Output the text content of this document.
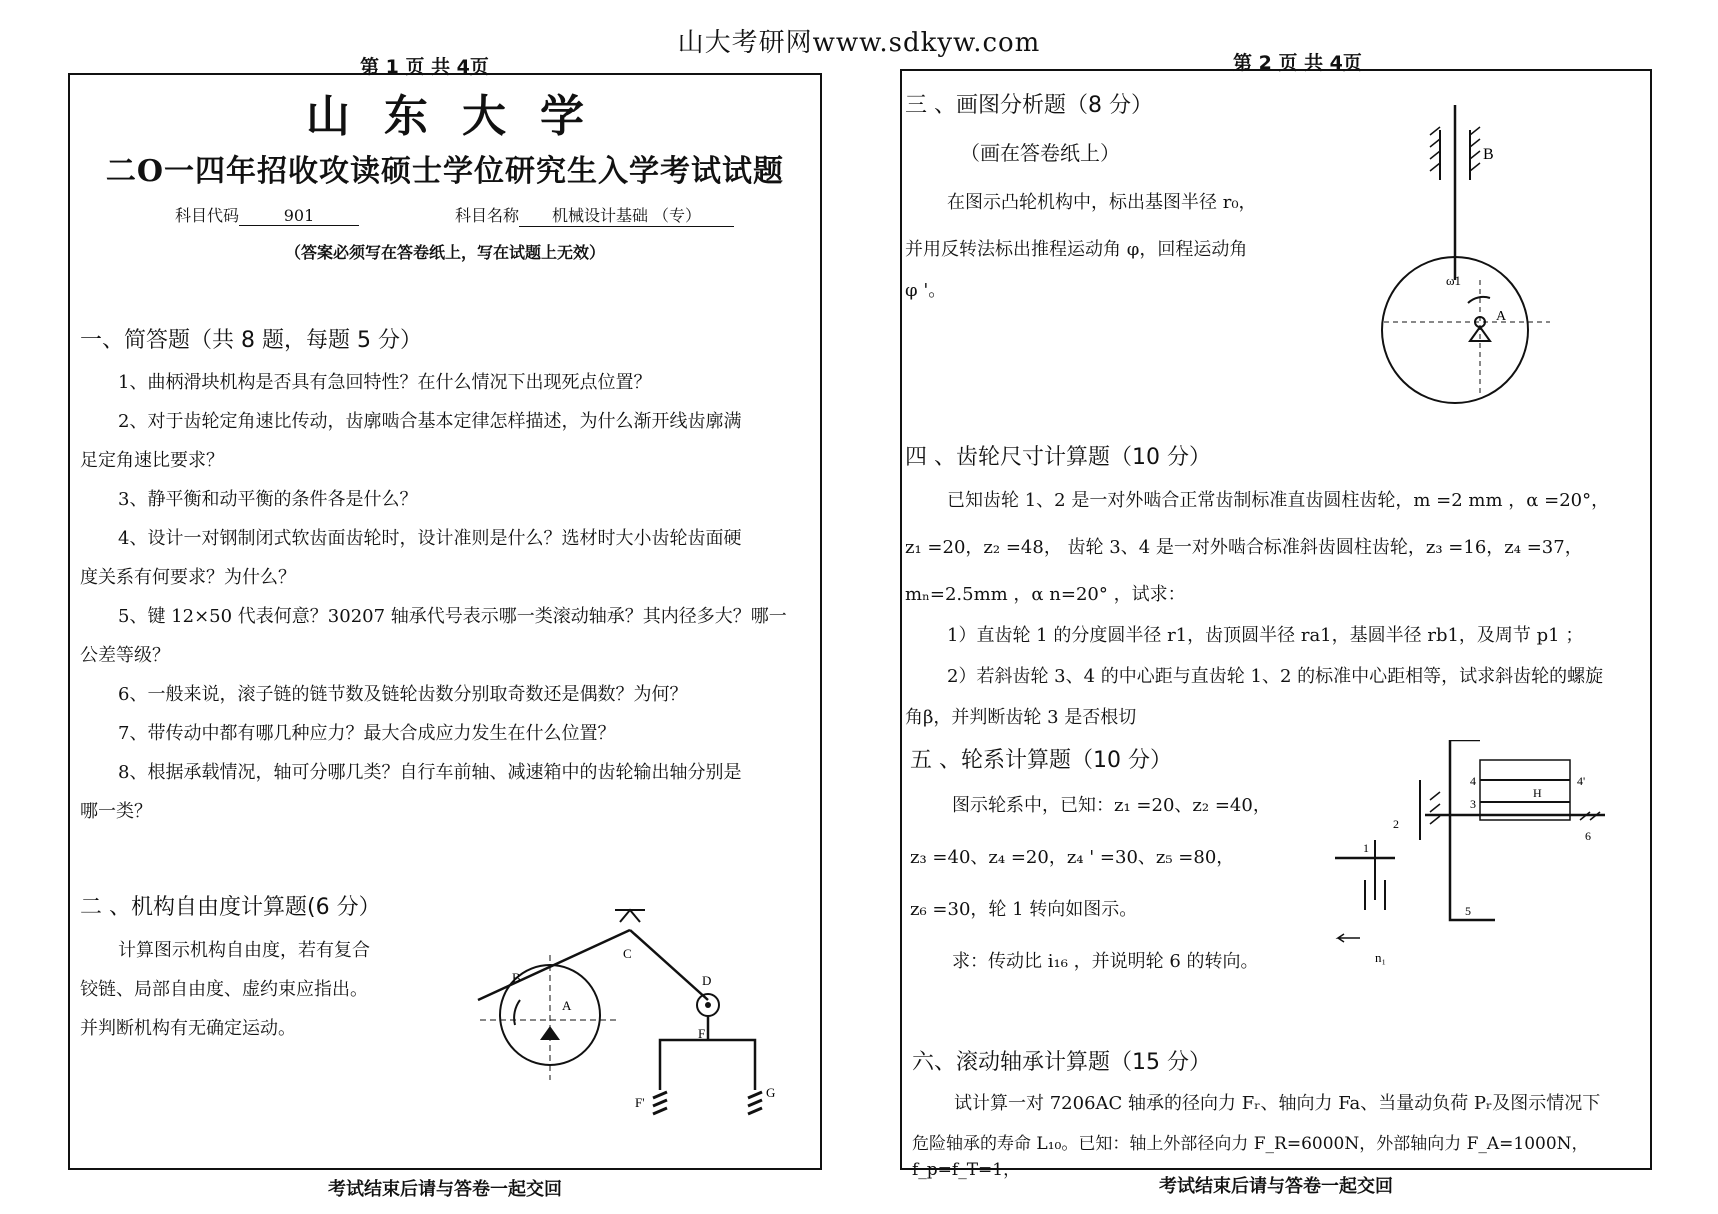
山大考研网www.sdkyw.com
第 1 页 共 4页
山东大学
二O一四年招收攻读硕士学位研究生入学考试试题
科目代码	901	科目名称 机械设计基础 （专）
（答案必须写在答卷纸上，写在试题上无效）
一、简答题（共 8 题，每题 5 分）
1、曲柄滑块机构是否具有急回特性？在什么情况下出现死点位置？
2、对于齿轮定角速比传动，齿廓啮合基本定律怎样描述，为什么渐开线齿廓满
足定角速比要求？
3、静平衡和动平衡的条件各是什么？
4、设计一对钢制闭式软齿面齿轮时，设计准则是什么？选材时大小齿轮齿面硬
度关系有何要求？为什么？
5、键 12×50 代表何意？30207 轴承代号表示哪一类滚动轴承？其内径多大？哪一
公差等级？
6、一般来说，滚子链的链节数及链轮齿数分别取奇数还是偶数？为何？
7、带传动中都有哪几种应力？最大合成应力发生在什么位置？
8、根据承载情况，轴可分哪几类？自行车前轴、减速箱中的齿轮输出轴分别是
哪一类？
二 、机构自由度计算题(6 分）
计算图示机构自由度，若有复合
铰链、局部自由度、虚约束应指出。
并判断机构有无确定运动。
B
A
C
D
F
F'
G
考试结束后请与答卷一起交回
第 2 页 共 4页
三 、画图分析题（8 分）
（画在答卷纸上）
在图示凸轮机构中，标出基图半径 r₀，
并用反转法标出推程运动角 φ，回程运动角
φ '。
B
ω1
A
四 、齿轮尺寸计算题（10 分）
已知齿轮 1、2 是一对外啮合正常齿制标准直齿圆柱齿轮，m =2 mm ，α =20°，
z₁ =20，z₂ =48， 齿轮 3、4 是一对外啮合标准斜齿圆柱齿轮，z₃ =16，z₄ =37，
mₙ=2.5mm ，α n=20° ，试求：
1）直齿轮 1 的分度圆半径 r1，齿顶圆半径 ra1，基圆半径 rb1，及周节 p1 ；
2）若斜齿轮 3、4 的中心距与直齿轮 1、2 的标准中心距相等，试求斜齿轮的螺旋
角β，并判断齿轮 3 是否根切
五 、轮系计算题（10 分）
图示轮系中，已知：z₁ =20、z₂ =40，
z₃ =40、z₄ =20，z₄ ' =30、z₅ =80，
z₆ =30，轮 1 转向如图示。
求：传动比 i₁₆ ，并说明轮 6 的转向。
4	4'
3
H
2
6
1
5
n₁
六、滚动轴承计算题（15 分）
试计算一对 7206AC 轴承的径向力 Fᵣ、轴向力 Fa、当量动负荷 Pᵣ及图示情况下
危险轴承的寿命 L₁₀。已知：轴上外部径向力 F_R=6000N，外部轴向力 F_A=1000N，f_p=f_T=1，
考试结束后请与答卷一起交回
